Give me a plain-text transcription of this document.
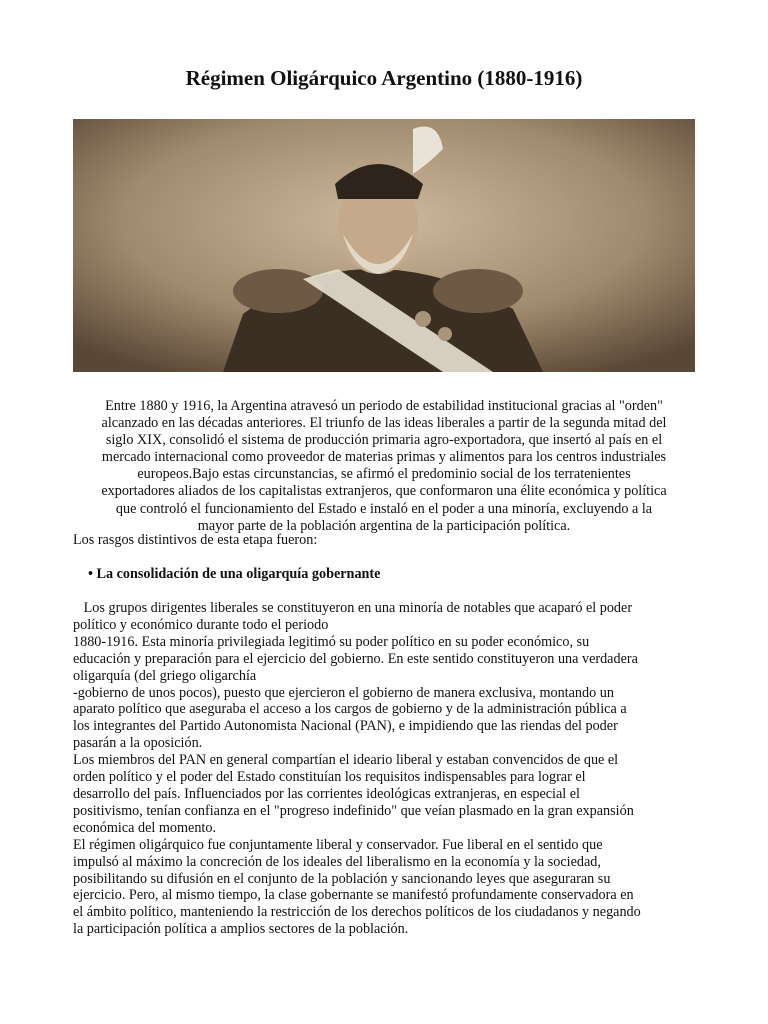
Régimen Oligárquico Argentino (1880-1916)
Entre 1880 y 1916, la Argentina atravesó un periodo de estabilidad institucional gracias al "orden"
alcanzado en las décadas anteriores. El triunfo de las ideas liberales a partir de la segunda mitad del
siglo XIX, consolidó el sistema de producción primaria agro-exportadora, que insertó al país en el
mercado internacional como proveedor de materias primas y alimentos para los centros industriales
europeos.Bajo estas circunstancias, se afirmó el predominio social de los terratenientes
exportadores aliados de los capitalistas extranjeros, que conformaron una élite económica y política
que controló el funcionamiento del Estado e instaló en el poder a una minoría, excluyendo a la
mayor parte de la población argentina de la participación política.

Los rasgos distintivos de esta etapa fueron:

• La consolidación de una oligarquía gobernante

Los grupos dirigentes liberales se constituyeron en una minoría de notables que acaparó el poder
político y económico durante todo el periodo
1880-1916. Esta minoría privilegiada legitimó su poder político en su poder económico, su
educación y preparación para el ejercicio del gobierno. En este sentido constituyeron una verdadera
oligarquía (del griego oligarchía
-gobierno de unos pocos), puesto que ejercieron el gobierno de manera exclusiva, montando un
aparato político que aseguraba el acceso a los cargos de gobierno y de la administración pública a
los integrantes del Partido Autonomista Nacional (PAN), e impidiendo que las riendas del poder
pasarán a la oposición.
Los miembros del PAN en general compartían el ideario liberal y estaban convencidos de que el
orden político y el poder del Estado constituían los requisitos indispensables para lograr el
desarrollo del país. Influenciados por las corrientes ideológicas extranjeras, en especial el
positivismo, tenían confianza en el "progreso indefinido" que veían plasmado en la gran expansión
económica del momento.
El régimen oligárquico fue conjuntamente liberal y conservador. Fue liberal en el sentido que
impulsó al máximo la concreción de los ideales del liberalismo en la economía y la sociedad,
posibilitando su difusión en el conjunto de la población y sancionando leyes que aseguraran su
ejercicio. Pero, al mismo tiempo, la clase gobernante se manifestó profundamente conservadora en
el ámbito político, manteniendo la restricción de los derechos políticos de los ciudadanos y negando
la participación política a amplios sectores de la población.
